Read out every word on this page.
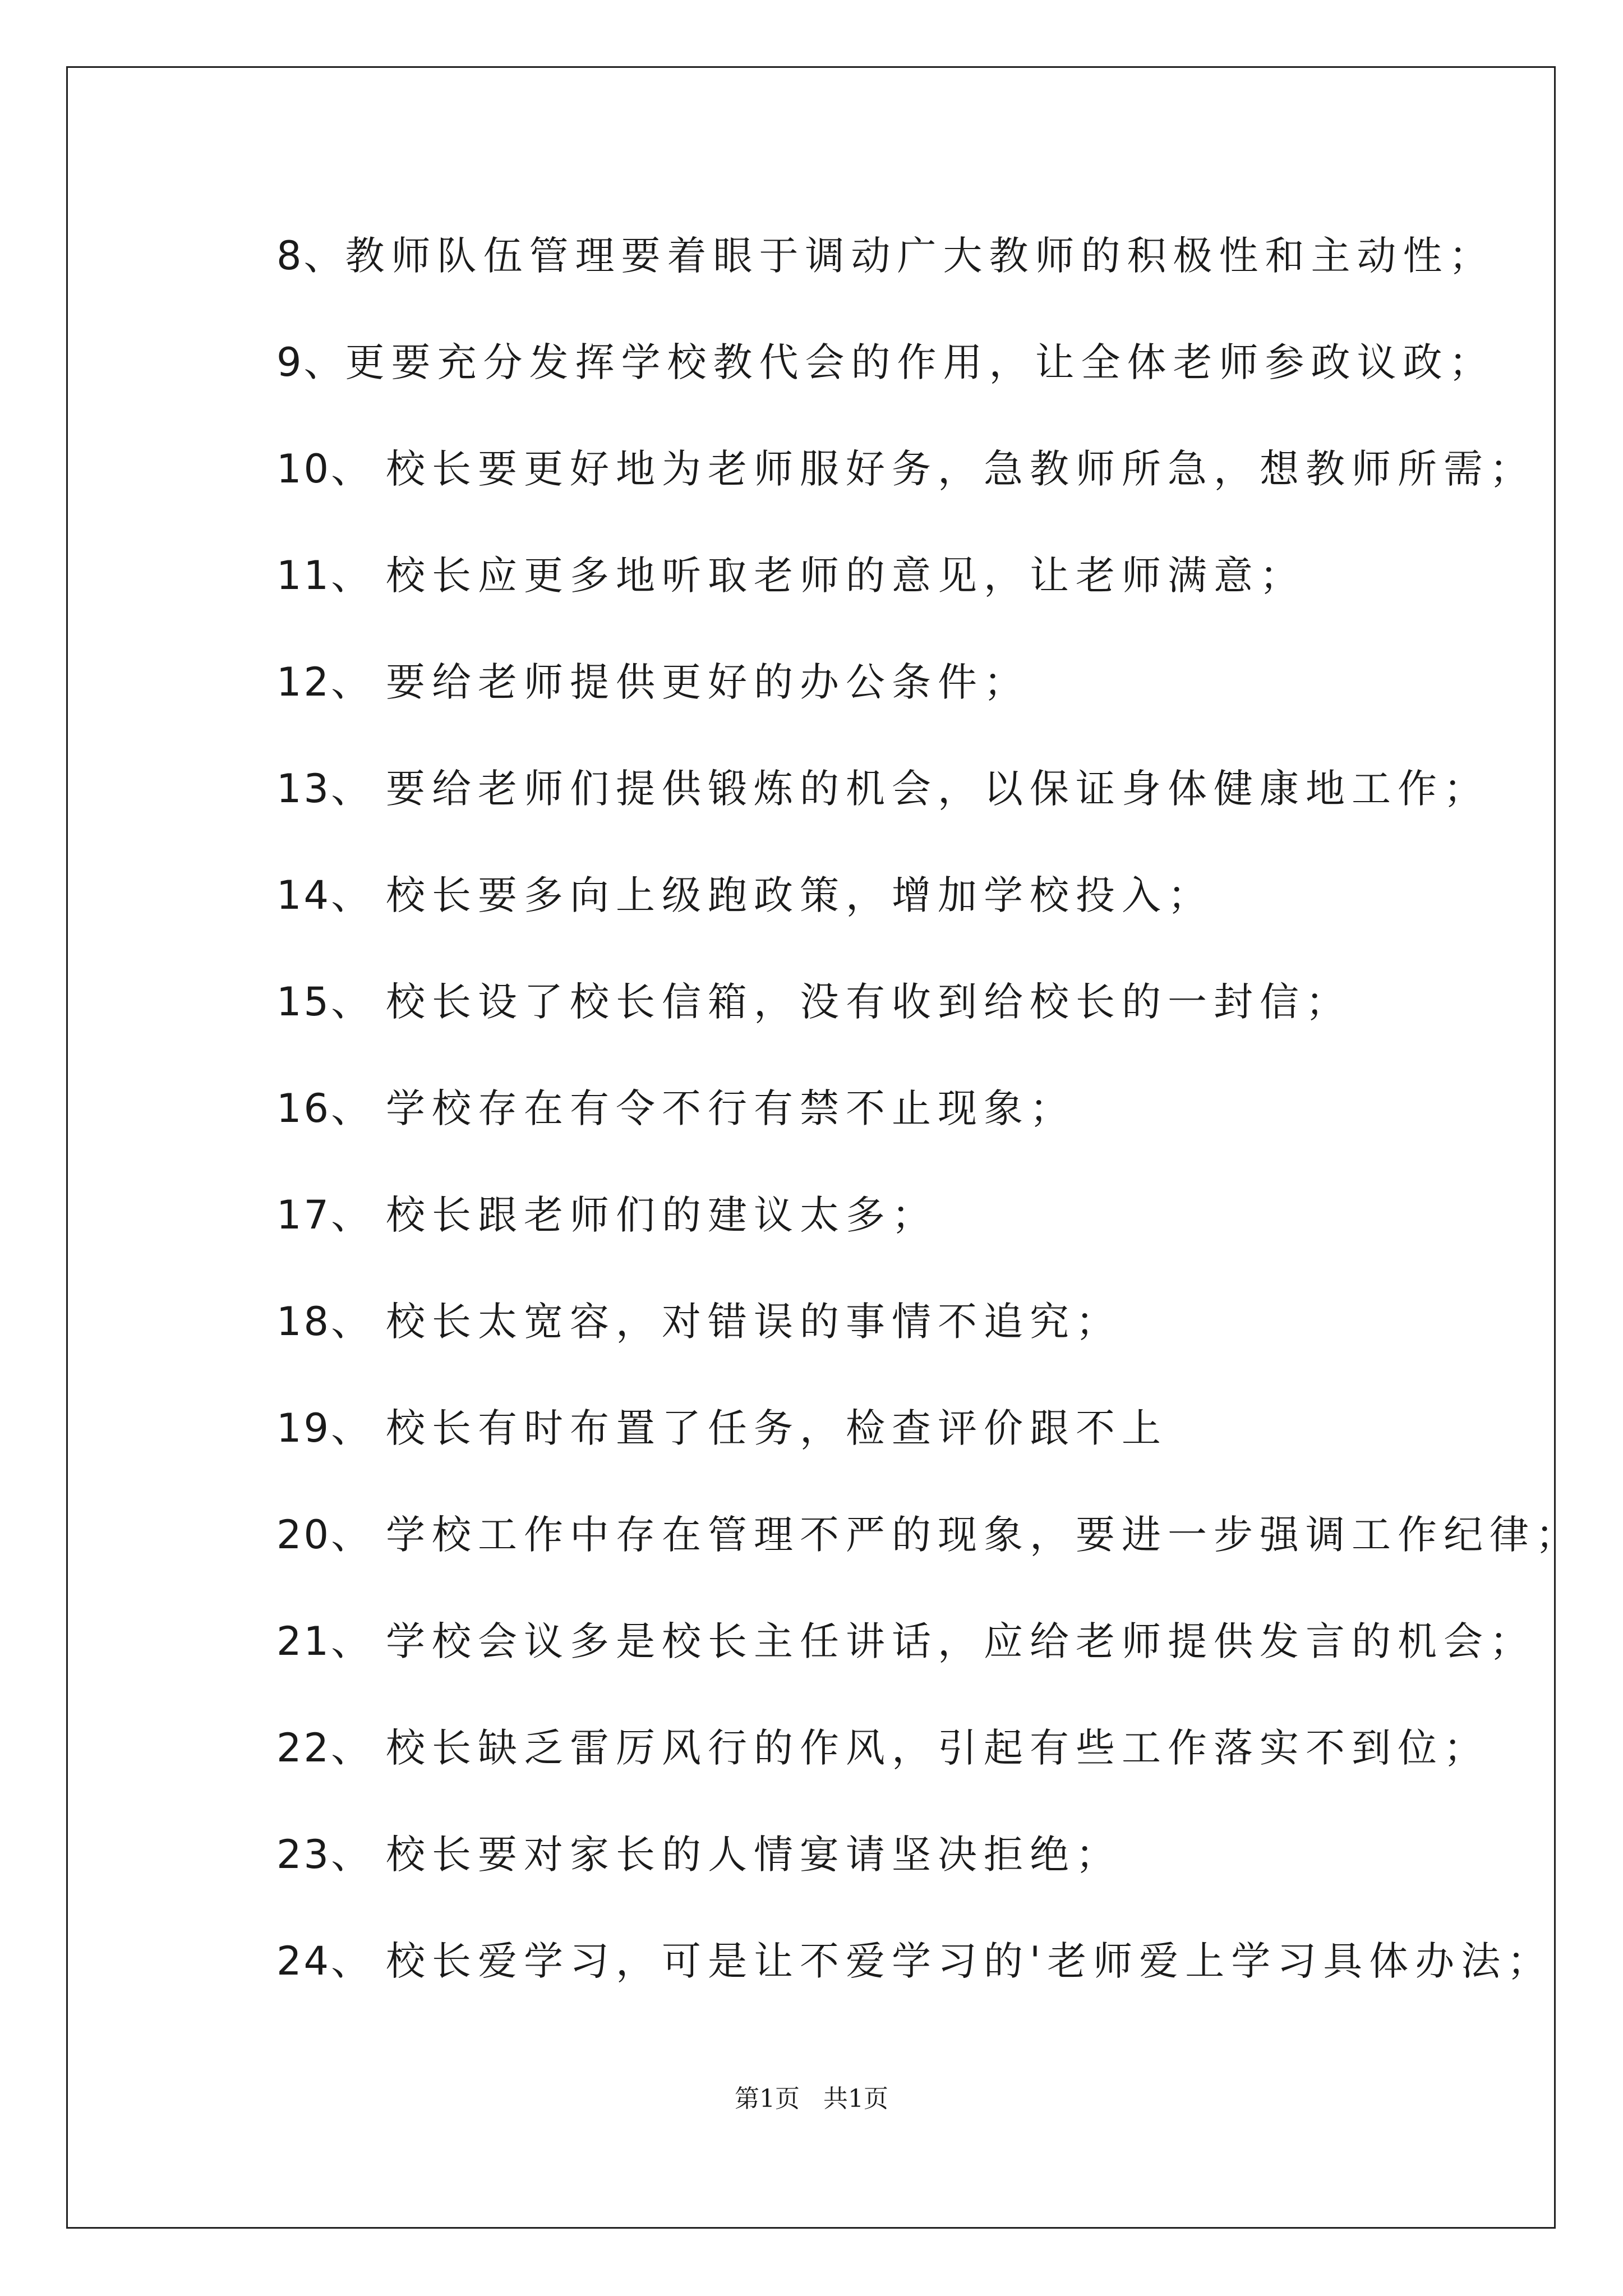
8、 教师队伍管理要着眼于调动广大教师的积极性和主动性；
9、 更要充分发挥学校教代会的作用，让全体老师参政议政；
10、 校长要更好地为老师服好务，急教师所急，想教师所需；
11、 校长应更多地听取老师的意见，让老师满意；
12、 要给老师提供更好的办公条件；
13、 要给老师们提供锻炼的机会，以保证身体健康地工作；
14、 校长要多向上级跑政策，增加学校投入；
15、 校长设了校长信箱，没有收到给校长的一封信；
16、 学校存在有令不行有禁不止现象；
17、 校长跟老师们的建议太多；
18、 校长太宽容，对错误的事情不追究；
19、 校长有时布置了任务，检查评价跟不上
20、 学校工作中存在管理不严的现象，要进一步强调工作纪律；
21、 学校会议多是校长主任讲话，应给老师提供发言的机会；
22、 校长缺乏雷厉风行的作风，引起有些工作落实不到位；
23、 校长要对家长的人情宴请坚决拒绝；
24、 校长爱学习，可是让不爱学习的'老师爱上学习具体办法；
第1页   共1页
